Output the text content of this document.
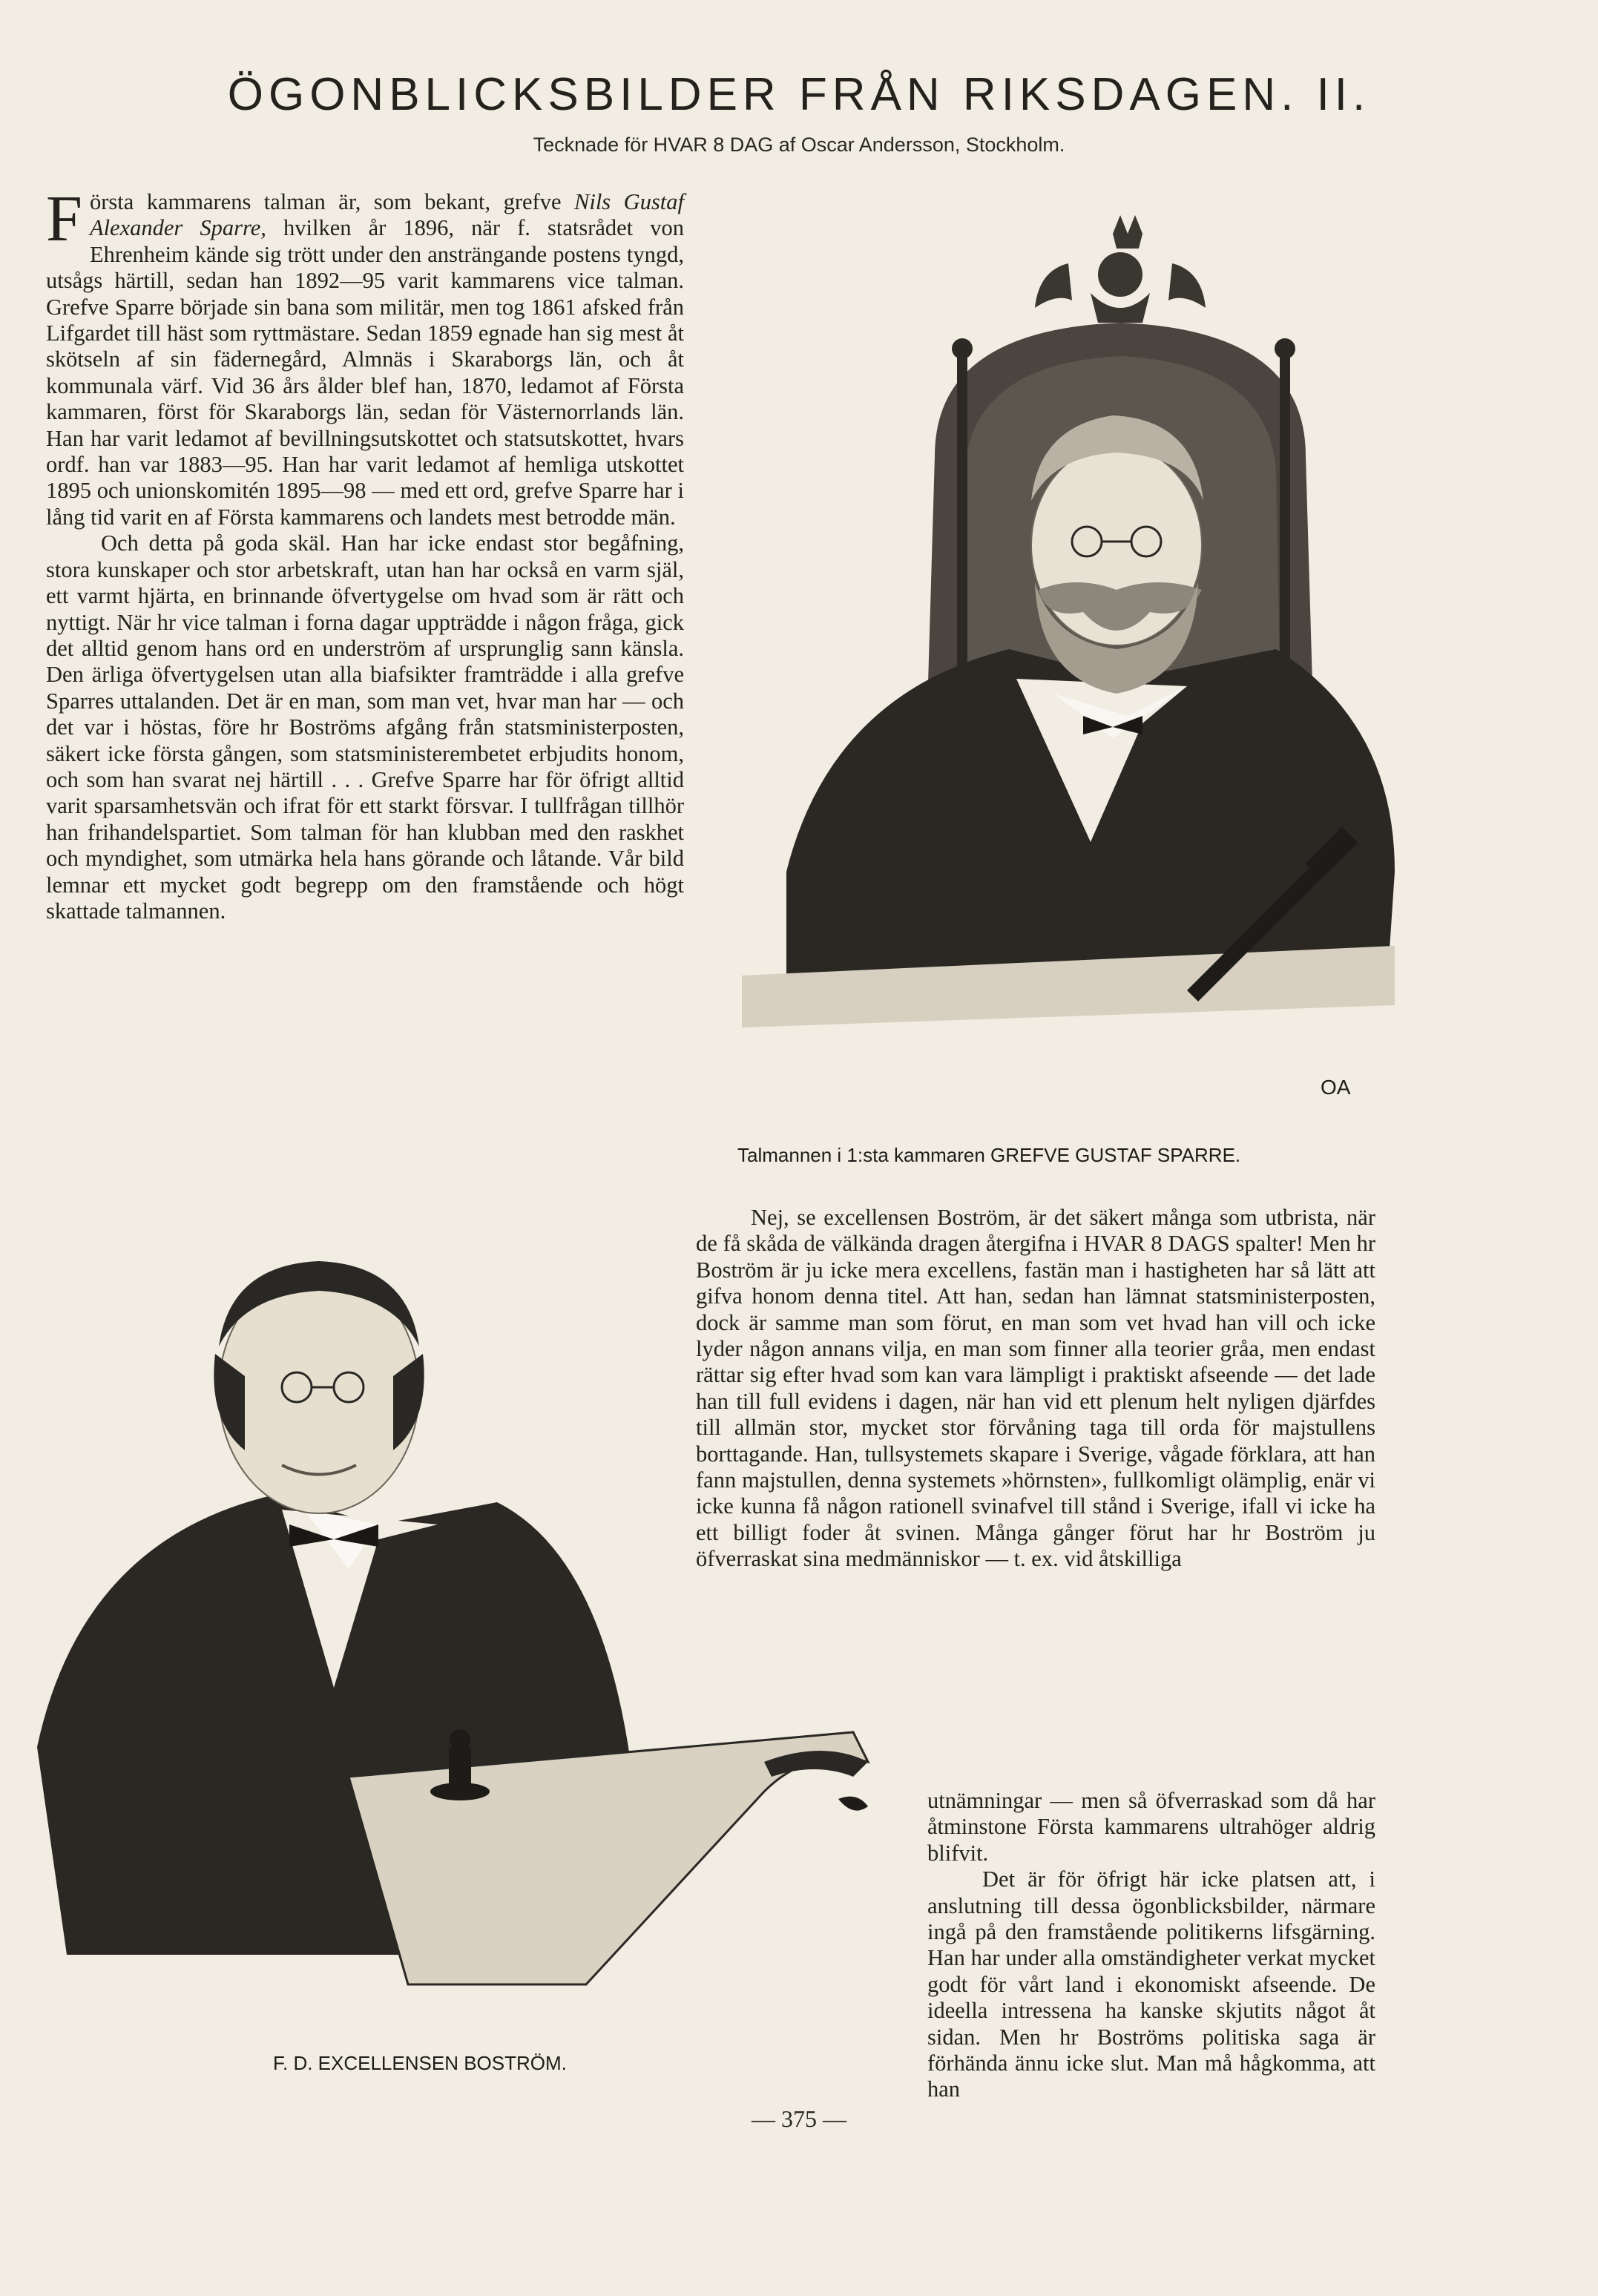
ÖGONBLICKSBILDER FRÅN RIKSDAGEN. II.
Tecknade för HVAR 8 DAG af Oscar Andersson, Stockholm.

Första kammarens talman är, som bekant, grefve Nils Gustaf Alexander Sparre, hvilken år 1896, när f. statsrådet von Ehrenheim kände sig trött under den ansträngande postens tyngd, utsågs härtill, sedan han 1892—95 varit kammarens vice talman. Grefve Sparre började sin bana som militär, men tog 1861 afsked från Lifgardet till häst som ryttmästare. Sedan 1859 egnade han sig mest åt skötseln af sin fädernegård, Almnäs i Skaraborgs län, och åt kommunala värf. Vid 36 års ålder blef han, 1870, ledamot af Första kammaren, först för Skaraborgs län, sedan för Västernorrlands län. Han har varit ledamot af bevillningsutskottet och statsutskottet, hvars ordf. han var 1883—95. Han har varit ledamot af hemliga utskottet 1895 och unionskomitén 1895—98 — med ett ord, grefve Sparre har i lång tid varit en af Första kammarens och landets mest betrodde män.

Och detta på goda skäl. Han har icke endast stor begåfning, stora kunskaper och stor arbetskraft, utan han har också en varm själ, ett varmt hjärta, en brinnande öfvertygelse om hvad som är rätt och nyttigt. När hr vice talman i forna dagar uppträdde i någon fråga, gick det alltid genom hans ord en underström af ursprunglig sann känsla. Den ärliga öfvertygelsen utan alla biafsikter framträdde i alla grefve Sparres uttalanden. Det är en man, som man vet, hvar man har — och det var i höstas, före hr Boströms afgång från statsministerposten, säkert icke första gången, som statsministerembetet erbjudits honom, och som han svarat nej härtill . . . Grefve Sparre har för öfrigt alltid varit sparsamhetsvän och ifrat för ett starkt försvar. I tullfrågan tillhör han frihandelspartiet. Som talman för han klubban med den raskhet och myndighet, som utmärka hela hans görande och låtande. Vår bild lemnar ett mycket godt begrepp om den framstående och högt skattade talmannen.

Nej, se excellensen Boström, är det säkert många som utbrista, när de få skåda de välkända dragen återgifna i HVAR 8 DAGS spalter! Men hr Boström är ju icke mera excellens, fastän man i hastigheten har så lätt att gifva honom denna titel. Att han, sedan han lämnat statsministerposten, dock är samme man som förut, en man som vet hvad han vill och icke lyder någon annans vilja, en man som finner alla teorier gråa, men endast rättar sig efter hvad som kan vara lämpligt i praktiskt afseende — det lade han till full evidens i dagen, när han vid ett plenum helt nyligen djärfdes till allmän stor, mycket stor förvåning taga till orda för majstullens borttagande. Han, tullsystemets skapare i Sverige, vågade förklara, att han fann majstullen, denna systemets »hörnsten», fullkomligt olämplig, enär vi icke kunna få någon rationell svinafvel till stånd i Sverige, ifall vi icke ha ett billigt foder åt svinen. Många gånger förut har hr Boström ju öfverraskat sina medmänniskor — t. ex. vid åtskilliga

utnämningar — men så öfverraskad som då har åtminstone Första kammarens ultrahöger aldrig blifvit.

Det är för öfrigt här icke platsen att, i anslutning till dessa ögonblicksbilder, närmare ingå på den framstående politikerns lifsgärning. Han har under alla omständigheter verkat mycket godt för vårt land i ekonomiskt afseende. De ideella intressena ha kanske skjutits något åt sidan. Men hr Boströms politiska saga är förhända ännu icke slut. Man må hågkomma, att han

OA
Talmannen i 1:sta kammaren GREFVE GUSTAF SPARRE.
F. D. EXCELLENSEN BOSTRÖM.
— 375 —
